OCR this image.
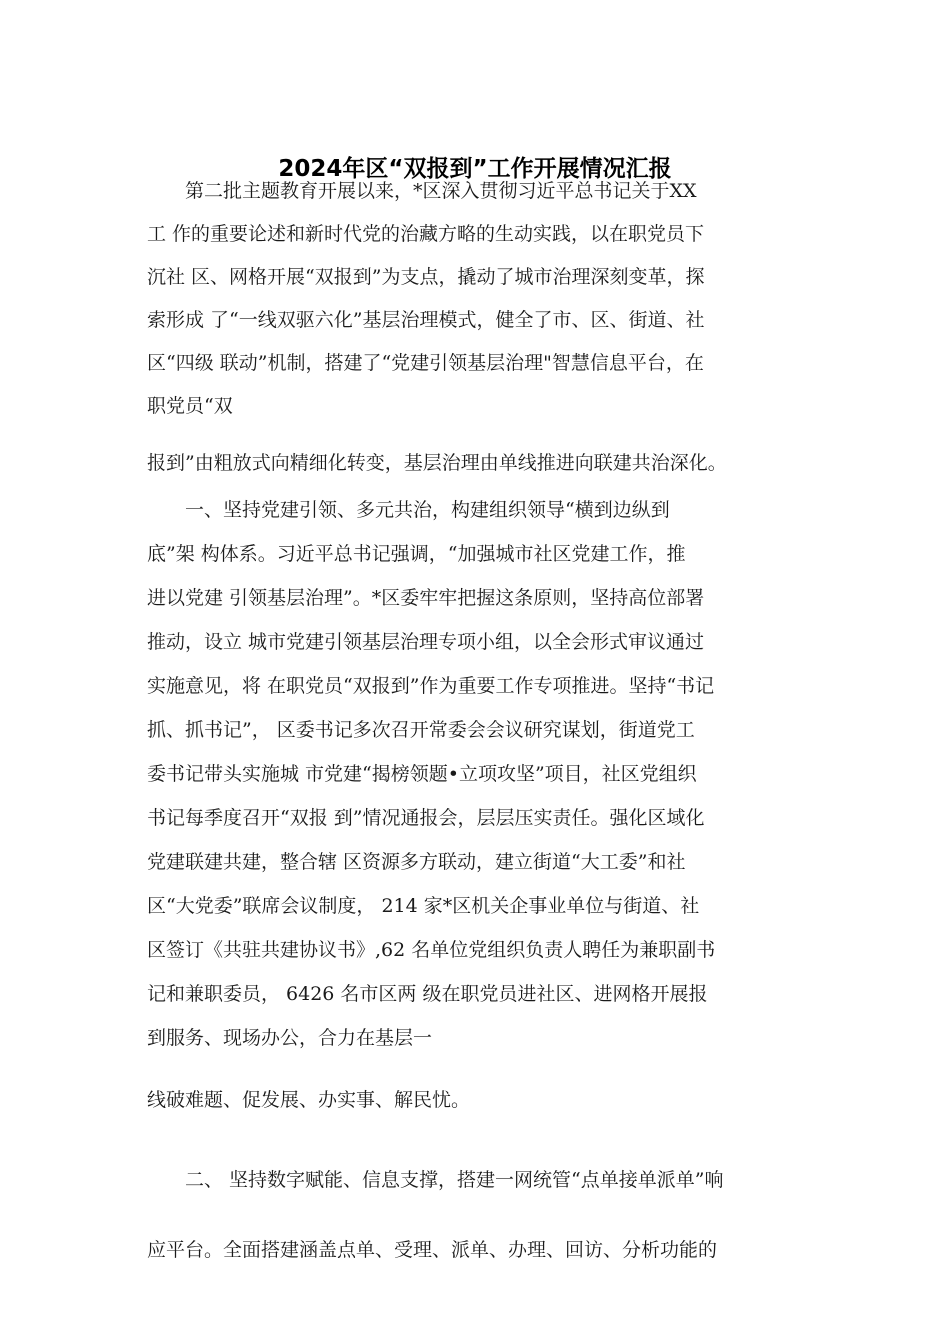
2024年区“双报到”工作开展情况汇报
　　第二批主题教育开展以来，*区深入贯彻习近平总书记关于XX
工 作的重要论述和新时代党的治藏方略的生动实践，以在职党员下
沉社 区、网格开展“双报到”为支点，撬动了城市治理深刻变革，探
索形成 了“一线双驱六化”基层治理模式，健全了市、区、街道、社
区“四级 联动”机制，搭建了“党建引领基层治理"智慧信息平台，在
职党员“双
报到”由粗放式向精细化转变，基层治理由单线推进向联建共治深化。
　　一、坚持党建引领、多元共治，构建组织领导“横到边纵到
底”架 构体系。习近平总书记强调，“加强城市社区党建工作，推
进以党建 引领基层治理”。*区委牢牢把握这条原则，坚持高位部署
推动，设立 城市党建引领基层治理专项小组，以全会形式审议通过
实施意见，将 在职党员“双报到”作为重要工作专项推进。坚持“书记
抓、抓书记”， 区委书记多次召开常委会会议研究谋划，街道党工
委书记带头实施城 市党建“揭榜领题•立项攻坚”项目，社区党组织
书记每季度召开“双报 到”情况通报会，层层压实责任。强化区域化
党建联建共建，整合辖 区资源多方联动，建立街道“大工委”和社
区“大党委”联席会议制度， 214 家*区机关企事业单位与街道、社
区签订《共驻共建协议书》,62 名单位党组织负责人聘任为兼职副书
记和兼职委员， 6426 名市区两 级在职党员进社区、进网格开展报
到服务、现场办公，合力在基层一
线破难题、促发展、办实事、解民忧。
　　二、 坚持数字赋能、信息支撑，搭建一网统管“点单接单派单”响
应平台。全面搭建涵盖点单、受理、派单、办理、回访、分析功能的
